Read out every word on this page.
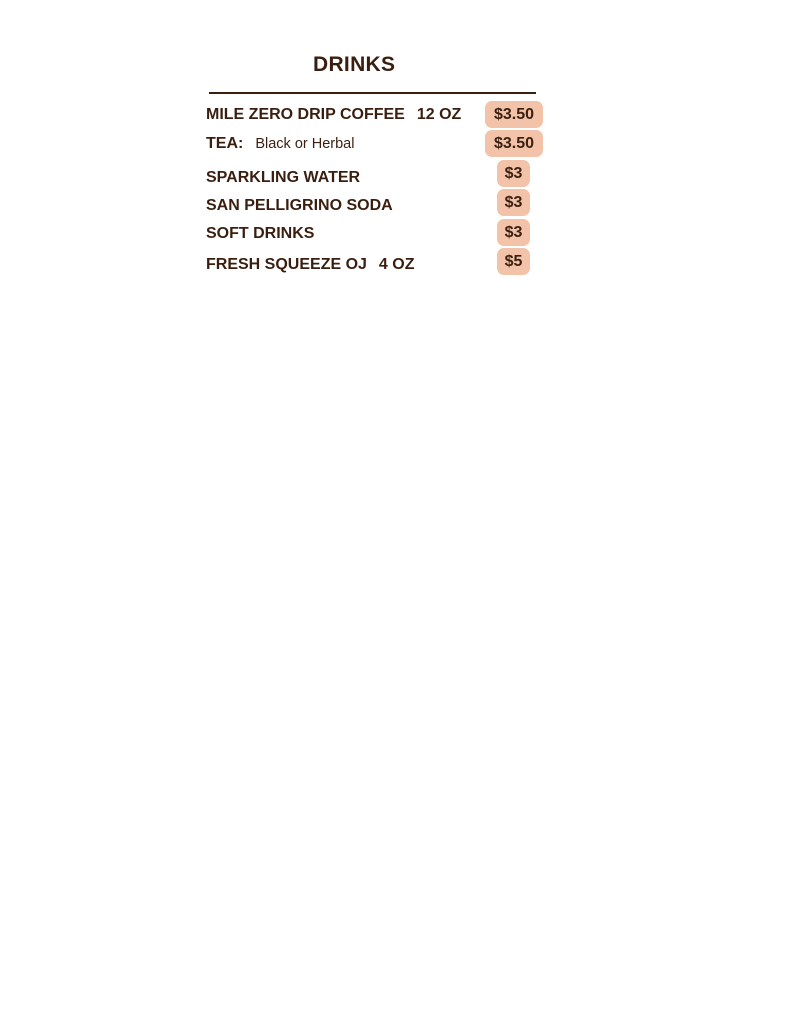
DRINKS
MILE ZERO DRIP COFFEE 12 OZ	$3.50
TEA: Black or Herbal	$3.50
SPARKLING WATER	$3
SAN PELLIGRINO SODA	$3
SOFT DRINKS	$3
FRESH SQUEEZE OJ 4 OZ	$5
